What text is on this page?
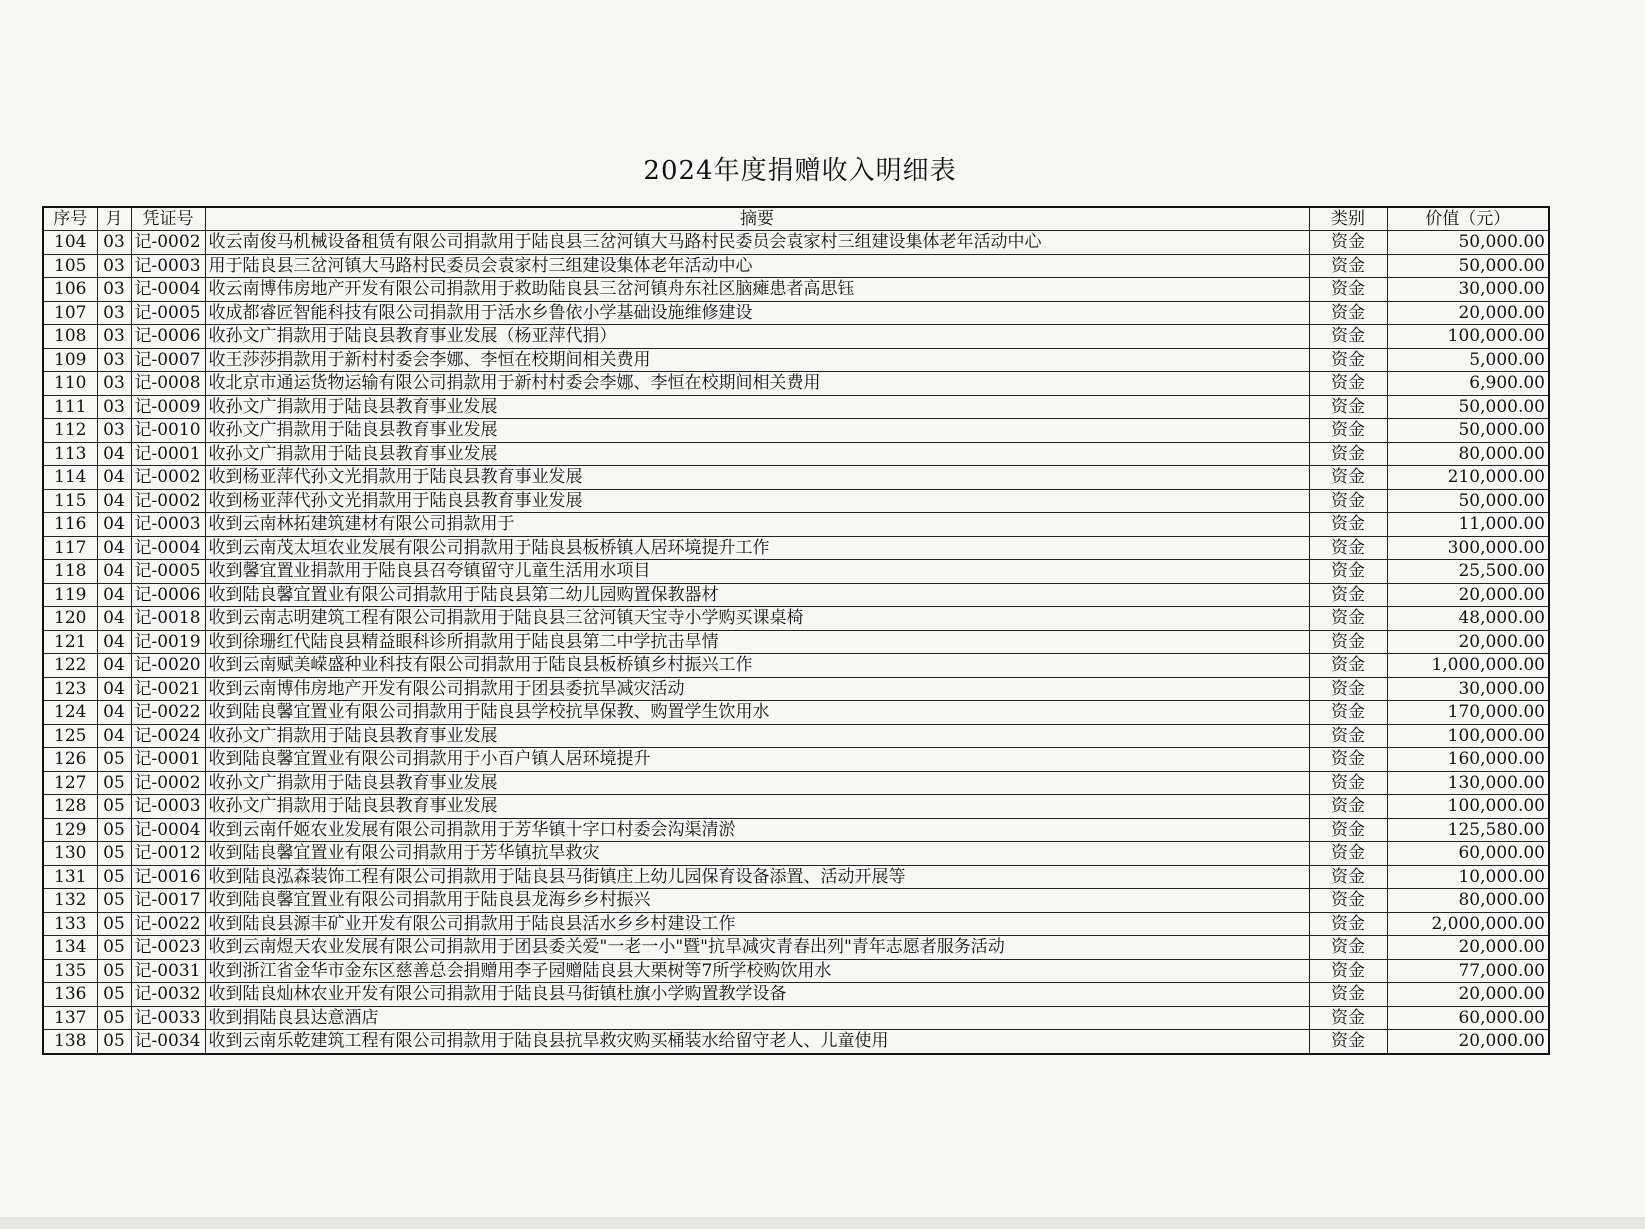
2024年度捐赠收入明细表
序号	月	凭证号	摘要	类别	价值（元）
104	03	记-0002	收云南俊马机械设备租赁有限公司捐款用于陆良县三岔河镇大马路村民委员会袁家村三组建设集体老年活动中心	资金	50,000.00
105	03	记-0003	用于陆良县三岔河镇大马路村民委员会袁家村三组建设集体老年活动中心	资金	50,000.00
106	03	记-0004	收云南博伟房地产开发有限公司捐款用于救助陆良县三岔河镇舟东社区脑瘫患者高思钰	资金	30,000.00
107	03	记-0005	收成都睿匠智能科技有限公司捐款用于活水乡鲁依小学基础设施维修建设	资金	20,000.00
108	03	记-0006	收孙文广捐款用于陆良县教育事业发展（杨亚萍代捐）	资金	100,000.00
109	03	记-0007	收王莎莎捐款用于新村村委会李娜、李恒在校期间相关费用	资金	5,000.00
110	03	记-0008	收北京市通运货物运输有限公司捐款用于新村村委会李娜、李恒在校期间相关费用	资金	6,900.00
111	03	记-0009	收孙文广捐款用于陆良县教育事业发展	资金	50,000.00
112	03	记-0010	收孙文广捐款用于陆良县教育事业发展	资金	50,000.00
113	04	记-0001	收孙文广捐款用于陆良县教育事业发展	资金	80,000.00
114	04	记-0002	收到杨亚萍代孙文光捐款用于陆良县教育事业发展	资金	210,000.00
115	04	记-0002	收到杨亚萍代孙文光捐款用于陆良县教育事业发展	资金	50,000.00
116	04	记-0003	收到云南林拓建筑建材有限公司捐款用于	资金	11,000.00
117	04	记-0004	收到云南茂太垣农业发展有限公司捐款用于陆良县板桥镇人居环境提升工作	资金	300,000.00
118	04	记-0005	收到馨宜置业捐款用于陆良县召夸镇留守儿童生活用水项目	资金	25,500.00
119	04	记-0006	收到陆良馨宜置业有限公司捐款用于陆良县第二幼儿园购置保教器材	资金	20,000.00
120	04	记-0018	收到云南志明建筑工程有限公司捐款用于陆良县三岔河镇天宝寺小学购买课桌椅	资金	48,000.00
121	04	记-0019	收到徐珊红代陆良县精益眼科诊所捐款用于陆良县第二中学抗击旱情	资金	20,000.00
122	04	记-0020	收到云南赋美嵘盛种业科技有限公司捐款用于陆良县板桥镇乡村振兴工作	资金	1,000,000.00
123	04	记-0021	收到云南博伟房地产开发有限公司捐款用于团县委抗旱减灾活动	资金	30,000.00
124	04	记-0022	收到陆良馨宜置业有限公司捐款用于陆良县学校抗旱保教、购置学生饮用水	资金	170,000.00
125	04	记-0024	收孙文广捐款用于陆良县教育事业发展	资金	100,000.00
126	05	记-0001	收到陆良馨宜置业有限公司捐款用于小百户镇人居环境提升	资金	160,000.00
127	05	记-0002	收孙文广捐款用于陆良县教育事业发展	资金	130,000.00
128	05	记-0003	收孙文广捐款用于陆良县教育事业发展	资金	100,000.00
129	05	记-0004	收到云南仟姬农业发展有限公司捐款用于芳华镇十字口村委会沟渠清淤	资金	125,580.00
130	05	记-0012	收到陆良馨宜置业有限公司捐款用于芳华镇抗旱救灾	资金	60,000.00
131	05	记-0016	收到陆良泓森装饰工程有限公司捐款用于陆良县马街镇庄上幼儿园保育设备添置、活动开展等	资金	10,000.00
132	05	记-0017	收到陆良馨宜置业有限公司捐款用于陆良县龙海乡乡村振兴	资金	80,000.00
133	05	记-0022	收到陆良县源丰矿业开发有限公司捐款用于陆良县活水乡乡村建设工作	资金	2,000,000.00
134	05	记-0023	收到云南煜天农业发展有限公司捐款用于团县委关爱"一老一小"暨"抗旱减灾青春出列"青年志愿者服务活动	资金	20,000.00
135	05	记-0031	收到浙江省金华市金东区慈善总会捐赠用李子园赠陆良县大栗树等7所学校购饮用水	资金	77,000.00
136	05	记-0032	收到陆良灿林农业开发有限公司捐款用于陆良县马街镇杜旗小学购置教学设备	资金	20,000.00
137	05	记-0033	收到捐陆良县达意酒店	资金	60,000.00
138	05	记-0034	收到云南乐乾建筑工程有限公司捐款用于陆良县抗旱救灾购买桶装水给留守老人、儿童使用	资金	20,000.00
